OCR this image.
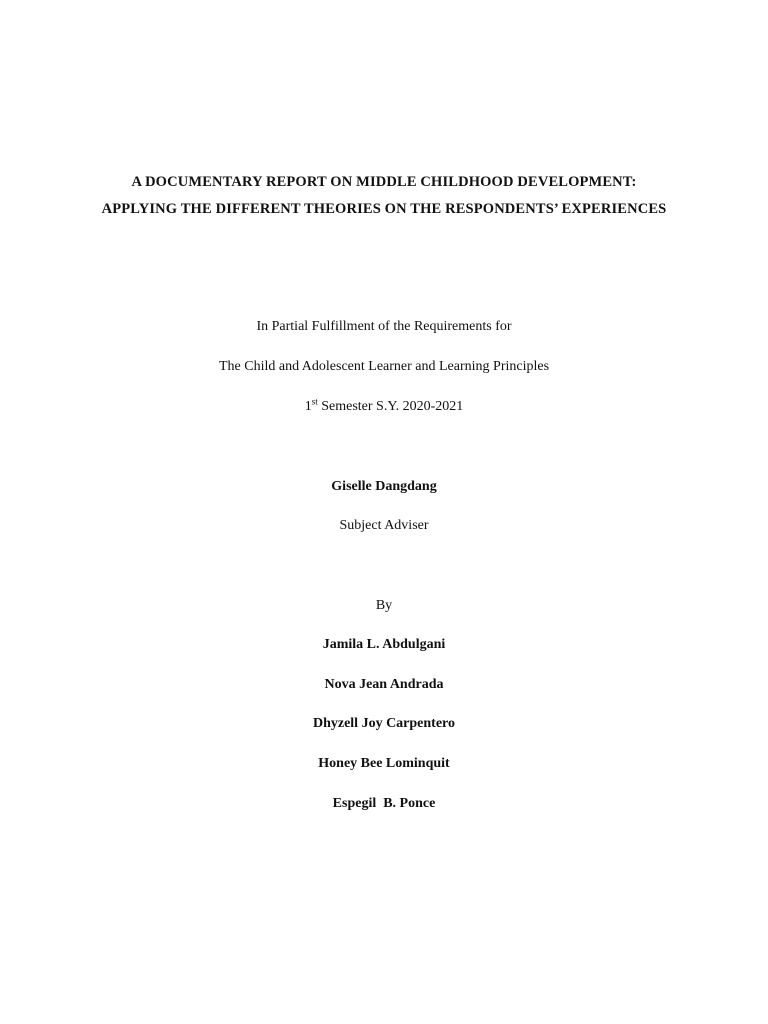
A DOCUMENTARY REPORT ON MIDDLE CHILDHOOD DEVELOPMENT:
APPLYING THE DIFFERENT THEORIES ON THE RESPONDENTS’ EXPERIENCES
In Partial Fulfillment of the Requirements for
The Child and Adolescent Learner and Learning Principles
1st Semester S.Y. 2020-2021
Giselle Dangdang
Subject Adviser
By
Jamila L. Abdulgani
Nova Jean Andrada
Dhyzell Joy Carpentero
Honey Bee Lominquit
Espegil  B. Ponce
